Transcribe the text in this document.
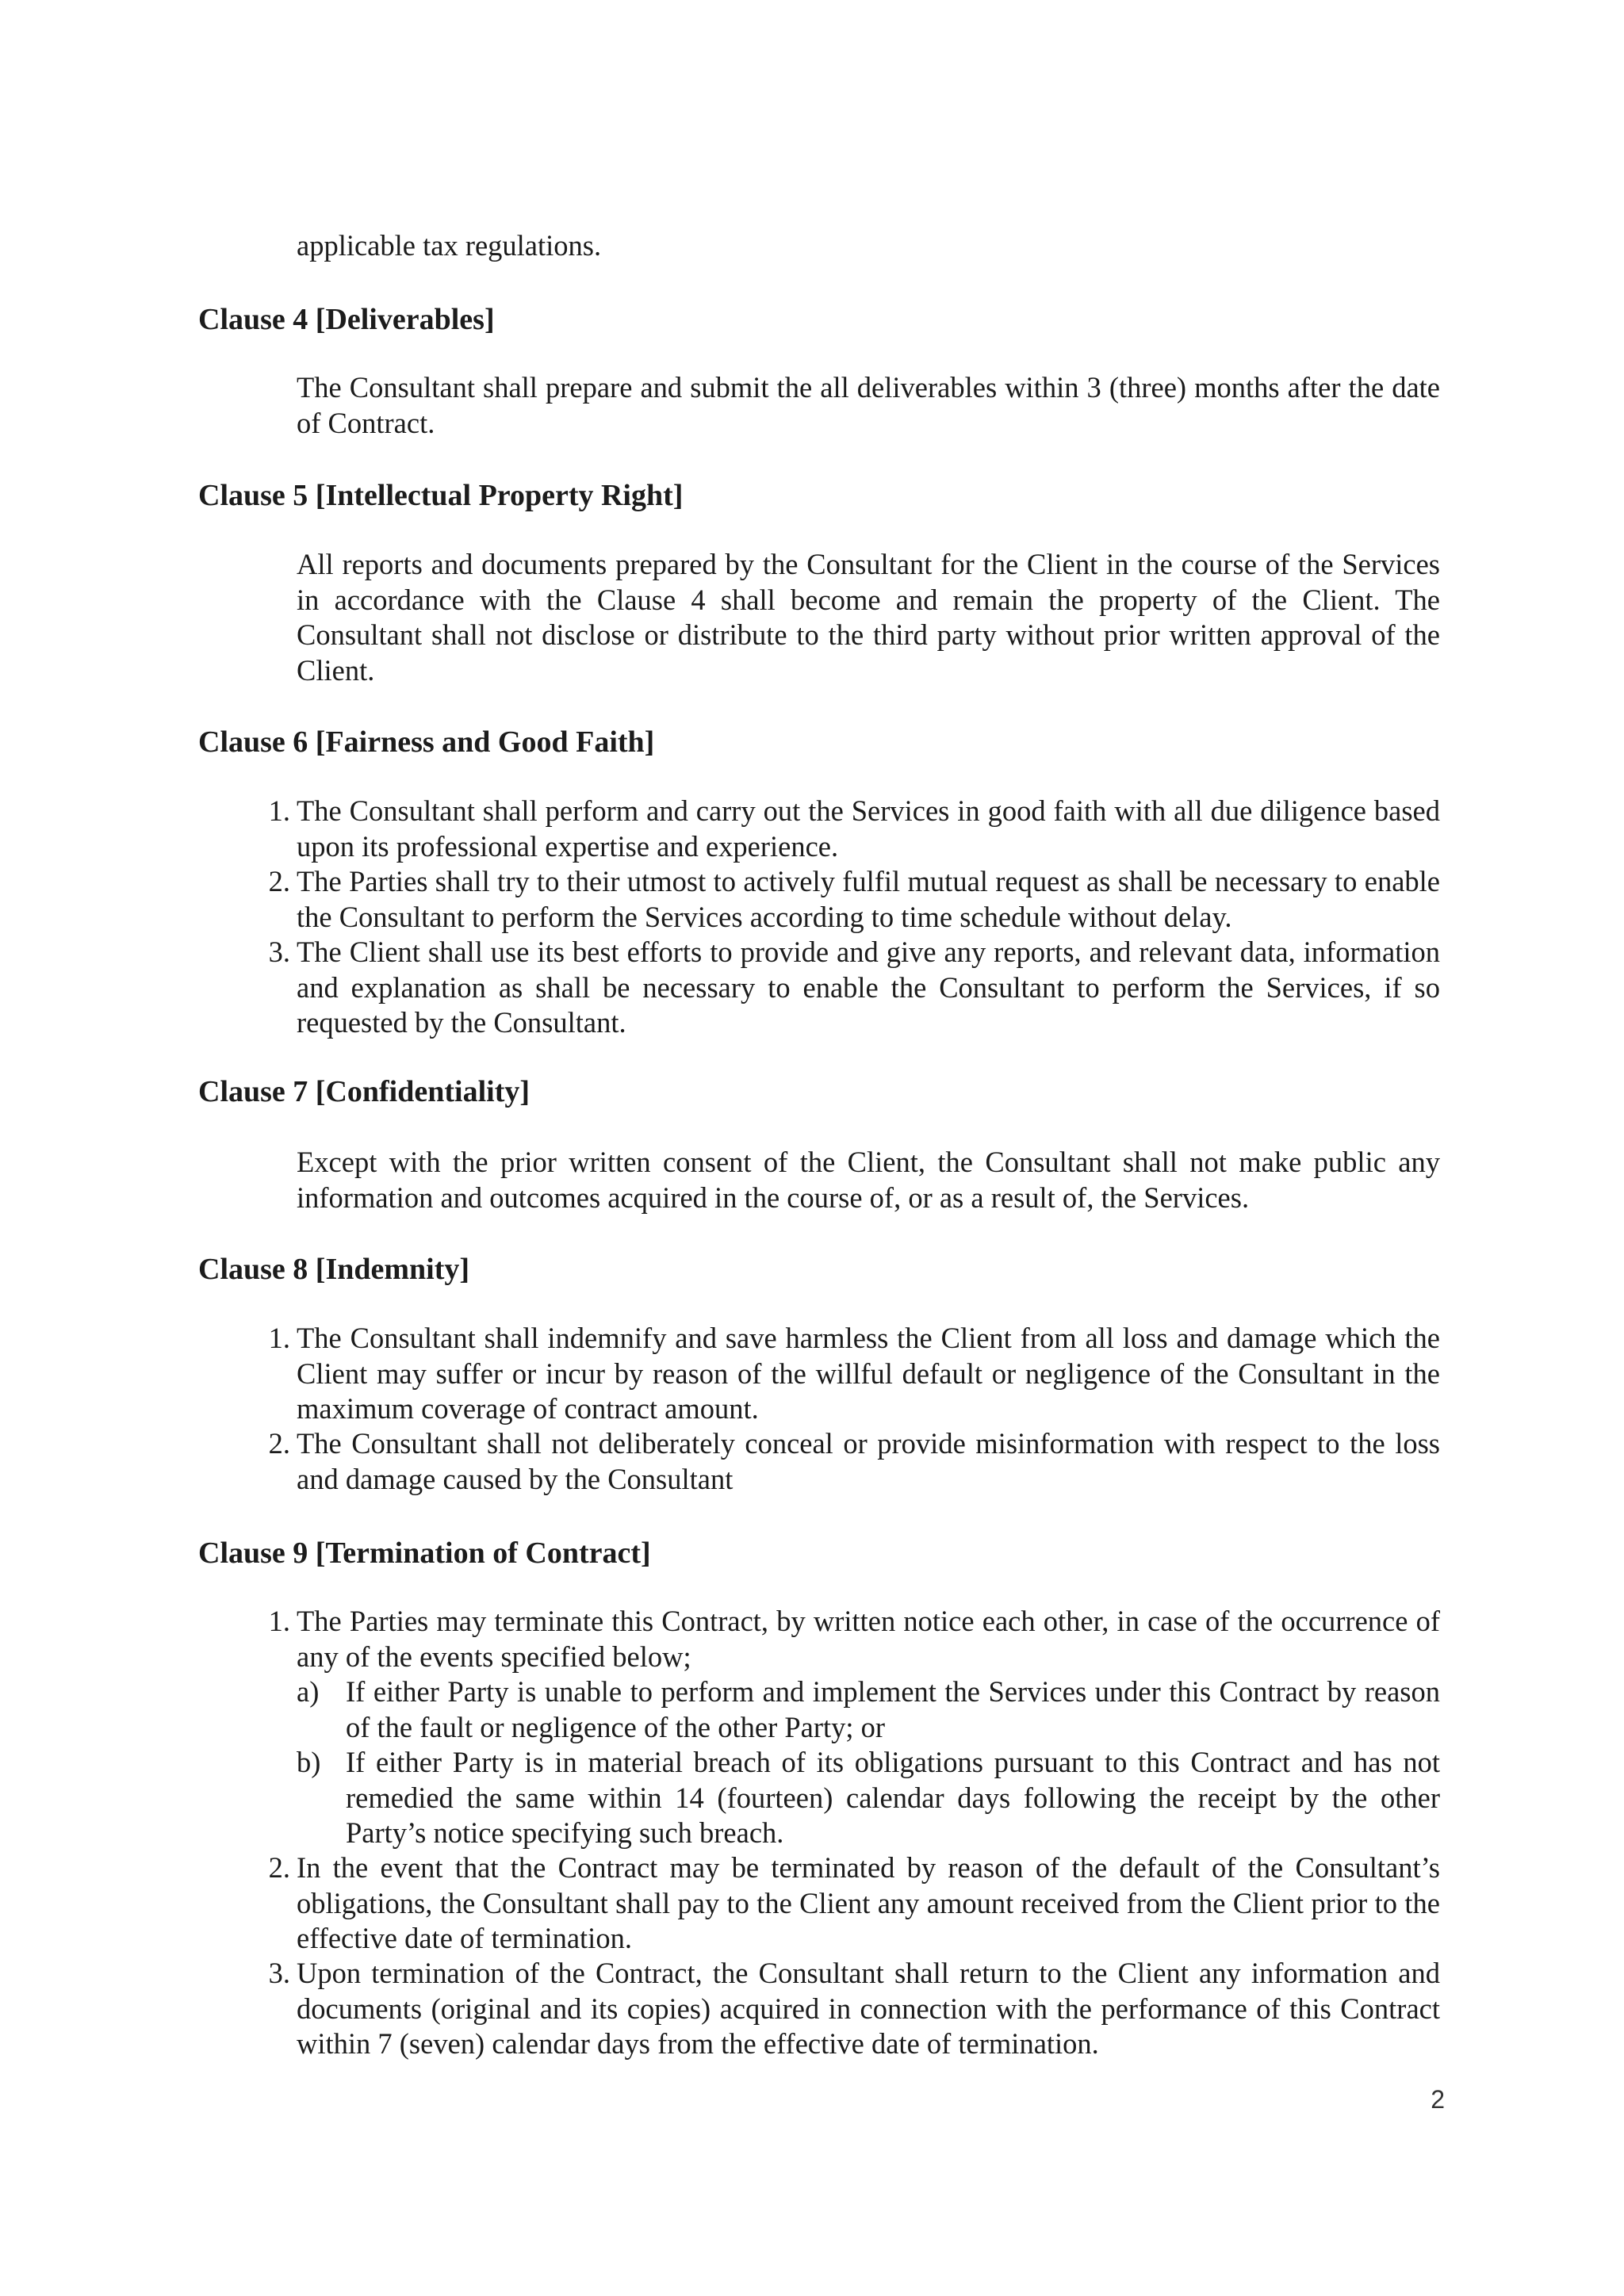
applicable tax regulations.

Clause 4 [Deliverables]

The Consultant shall prepare and submit the all deliverables within 3 (three) months after the date of Contract.

Clause 5 [Intellectual Property Right]

All reports and documents prepared by the Consultant for the Client in the course of the Services in accordance with the Clause 4 shall become and remain the property of the Client. The Consultant shall not disclose or distribute to the third party without prior written approval of the Client.

Clause 6 [Fairness and Good Faith]
1. The Consultant shall perform and carry out the Services in good faith with all due diligence based upon its professional expertise and experience.
2. The Parties shall try to their utmost to actively fulfil mutual request as shall be necessary to enable the Consultant to perform the Services according to time schedule without delay.
3. The Client shall use its best efforts to provide and give any reports, and relevant data, information and explanation as shall be necessary to enable the Consultant to perform the Services, if so requested by the Consultant.
Clause 7 [Confidentiality]

Except with the prior written consent of the Client, the Consultant shall not make public any information and outcomes acquired in the course of, or as a result of, the Services.

Clause 8 [Indemnity]
1. The Consultant shall indemnify and save harmless the Client from all loss and damage which the Client may suffer or incur by reason of the willful default or negligence of the Consultant in the maximum coverage of contract amount.
2. The Consultant shall not deliberately conceal or provide misinformation with respect to the loss and damage caused by the Consultant
Clause 9 [Termination of Contract]
1. The Parties may terminate this Contract, by written notice each other, in case of the occurrence of any of the events specified below;
a) If either Party is unable to perform and implement the Services under this Contract by reason of the fault or negligence of the other Party; or
b) If either Party is in material breach of its obligations pursuant to this Contract and has not remedied the same within 14 (fourteen) calendar days following the receipt by the other Party’s notice specifying such breach.
2. In the event that the Contract may be terminated by reason of the default of the Consultant’s obligations, the Consultant shall pay to the Client any amount received from the Client prior to the effective date of termination.
3. Upon termination of the Contract, the Consultant shall return to the Client any information and documents (original and its copies) acquired in connection with the performance of this Contract within 7 (seven) calendar days from the effective date of termination.
2
